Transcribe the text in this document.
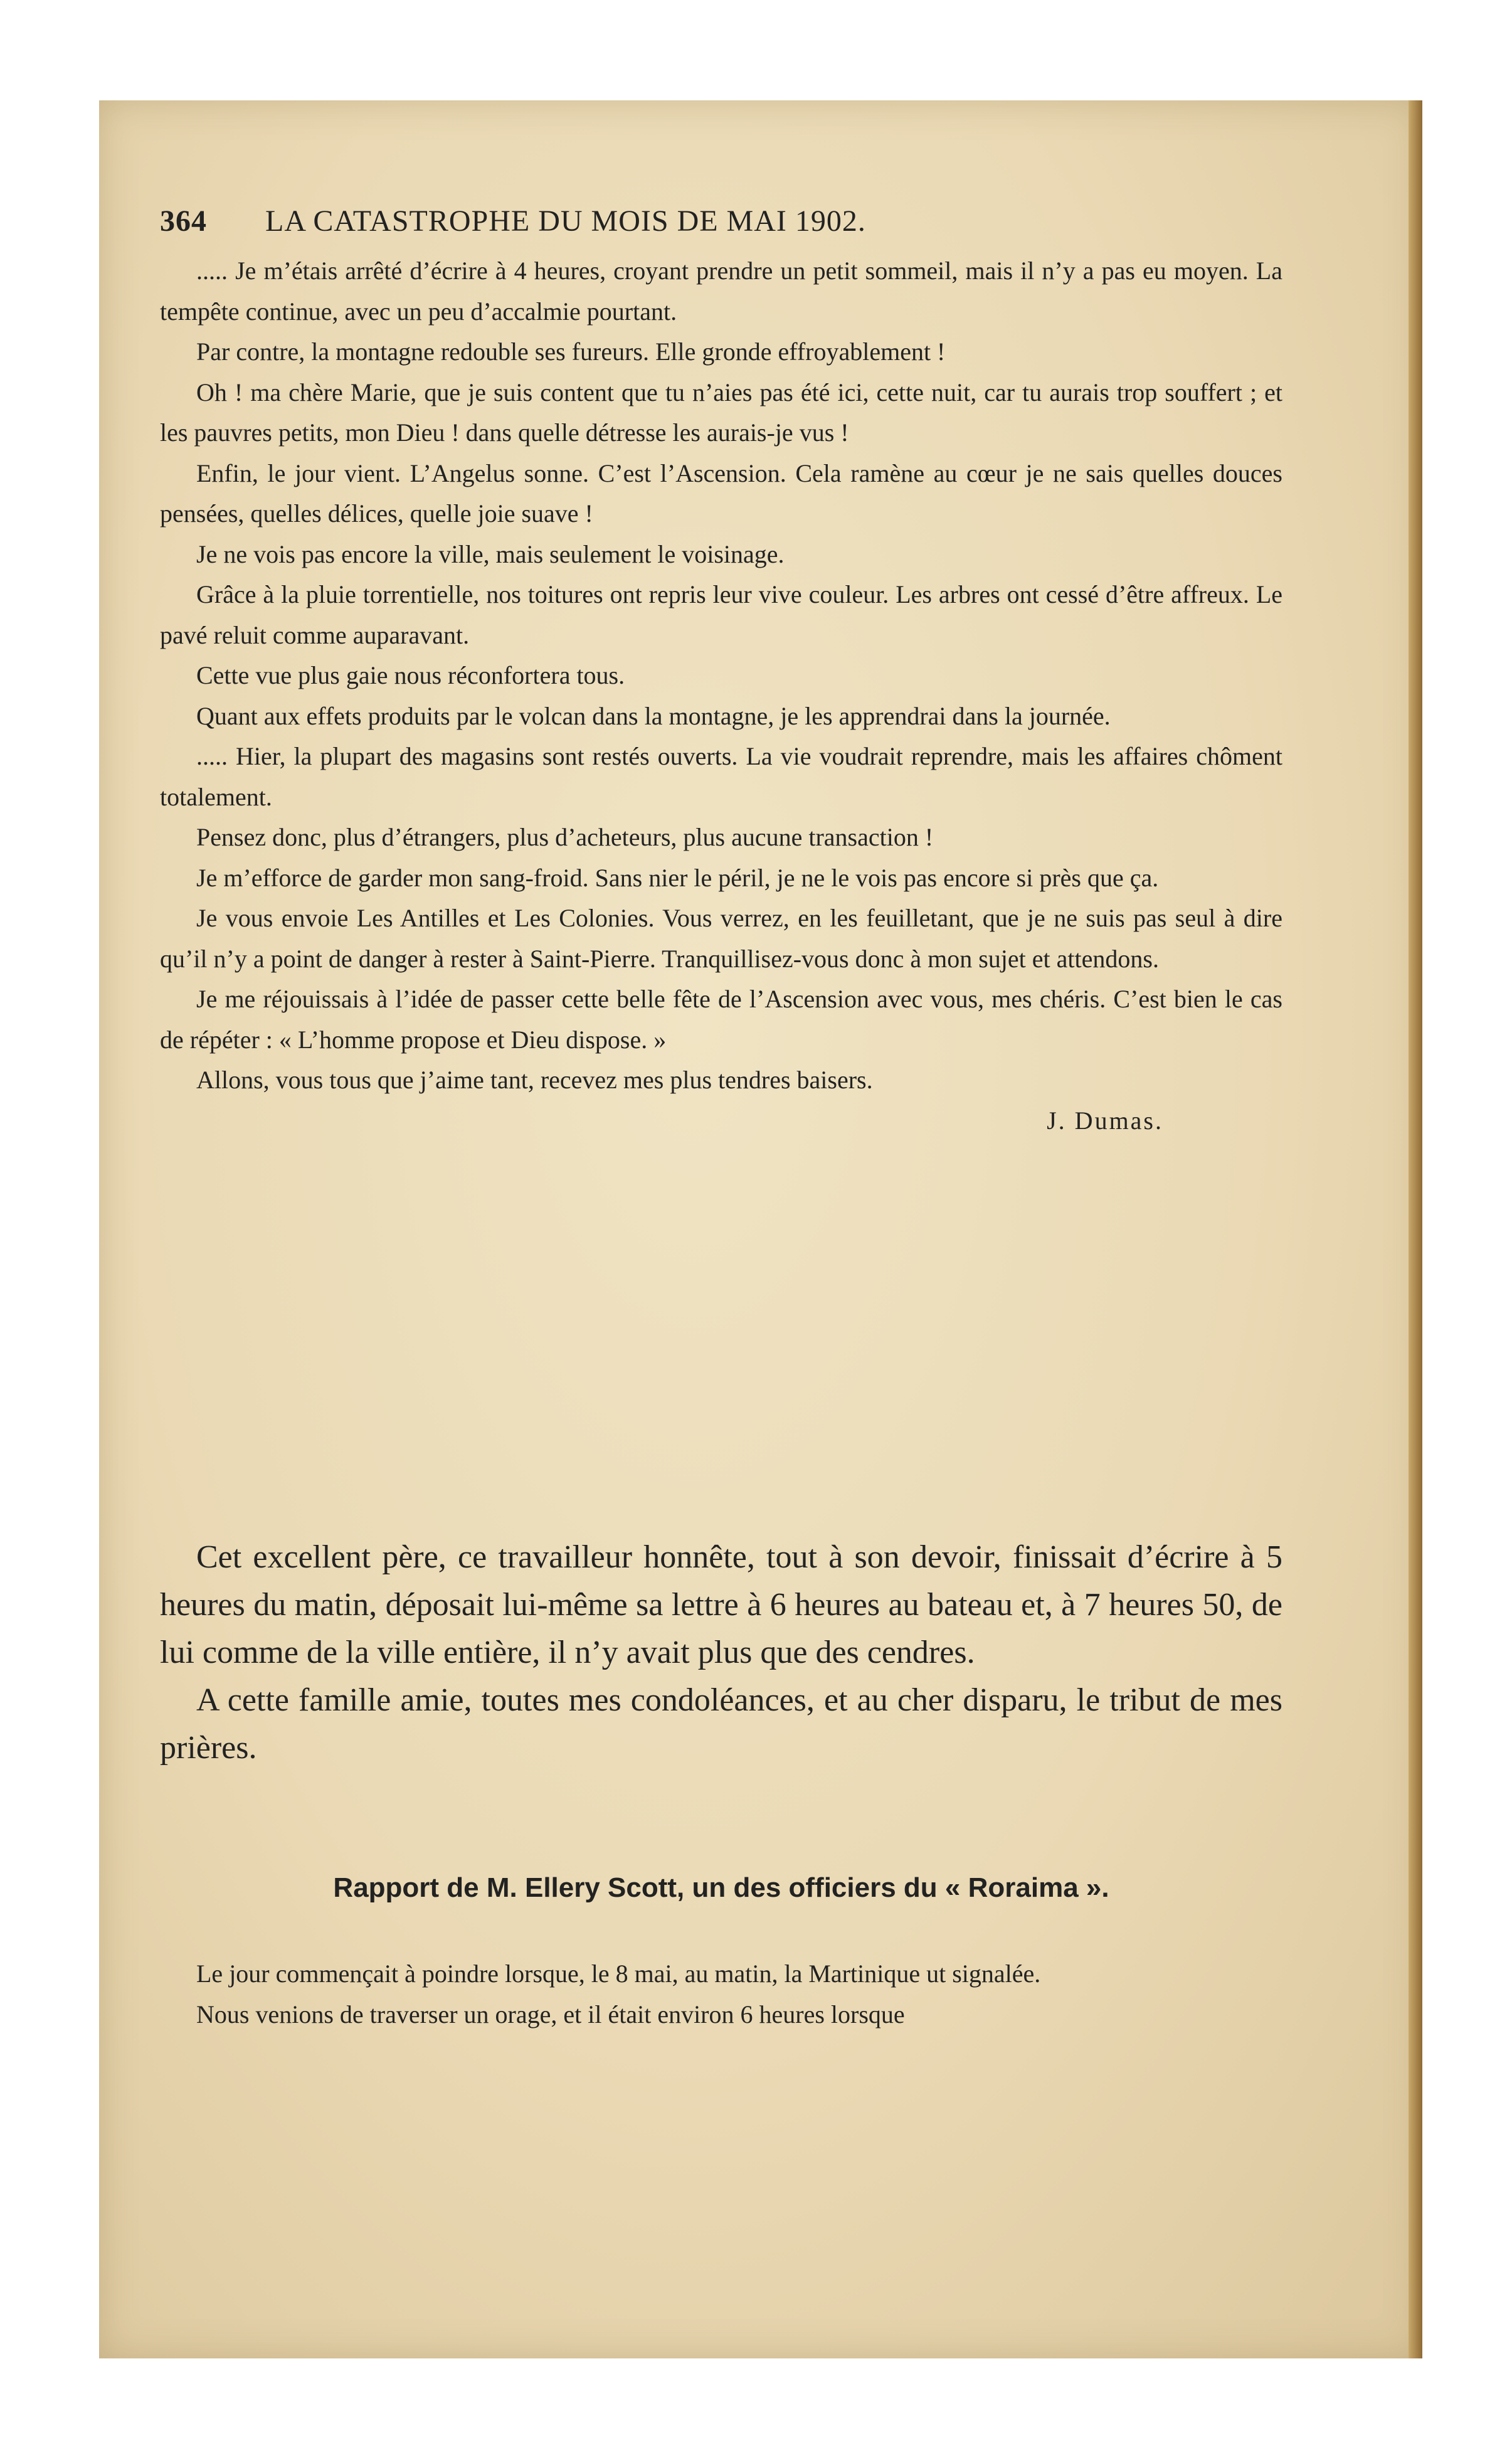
364 LA CATASTROPHE DU MOIS DE MAI 1902.

..... Je m’étais arrêté d’écrire à 4 heures, croyant prendre un petit sommeil, mais il n’y a pas eu moyen. La tempête continue, avec un peu d’accalmie pourtant.

Par contre, la montagne redouble ses fureurs. Elle gronde effroyablement !

Oh ! ma chère Marie, que je suis content que tu n’aies pas été ici, cette nuit, car tu aurais trop souffert ; et les pauvres petits, mon Dieu ! dans quelle détresse les aurais-je vus !

Enfin, le jour vient. L’Angelus sonne. C’est l’Ascension. Cela ramène au cœur je ne sais quelles douces pensées, quelles délices, quelle joie suave !

Je ne vois pas encore la ville, mais seulement le voisinage.

Grâce à la pluie torrentielle, nos toitures ont repris leur vive couleur. Les arbres ont cessé d’être affreux. Le pavé reluit comme auparavant.

Cette vue plus gaie nous réconfortera tous.

Quant aux effets produits par le volcan dans la montagne, je les apprendrai dans la journée.

..... Hier, la plupart des magasins sont restés ouverts. La vie voudrait reprendre, mais les affaires chôment totalement.

Pensez donc, plus d’étrangers, plus d’acheteurs, plus aucune transaction !

Je m’efforce de garder mon sang-froid. Sans nier le péril, je ne le vois pas encore si près que ça.

Je vous envoie Les Antilles et Les Colonies. Vous verrez, en les feuilletant, que je ne suis pas seul à dire qu’il n’y a point de danger à rester à Saint-Pierre. Tranquillisez-vous donc à mon sujet et attendons.

Je me réjouissais à l’idée de passer cette belle fête de l’Ascension avec vous, mes chéris. C’est bien le cas de répéter : « L’homme propose et Dieu dispose. »

Allons, vous tous que j’aime tant, recevez mes plus tendres baisers.

J. Dumas.

Cet excellent père, ce travailleur honnête, tout à son devoir, finissait d’écrire à 5 heures du matin, déposait lui-même sa lettre à 6 heures au bateau et, à 7 heures 50, de lui comme de la ville entière, il n’y avait plus que des cendres.

A cette famille amie, toutes mes condoléances, et au cher disparu, le tribut de mes prières.

Rapport de M. Ellery Scott, un des officiers du « Roraima ».

Le jour commençait à poindre lorsque, le 8 mai, au matin, la Martinique ut signalée.

Nous venions de traverser un orage, et il était environ 6 heures lorsque
